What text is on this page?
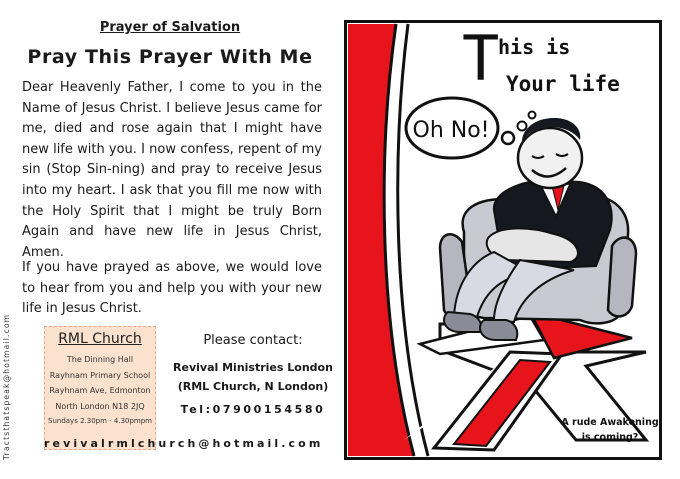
Prayer of Salvation
Pray This Prayer With Me

Dear Heavenly Father, I come to you in the Name of Jesus Christ. I believe Jesus came for me, died and rose again that I might have new life with you. I now confess, repent of my sin (Stop Sin-ning) and pray to receive Jesus into my heart. I ask that you fill me now with the Holy Spirit that I might be truly Born Again and have new life in Jesus Christ, Amen.

If you have prayed as above, we would love to hear from you and help you with your new life in Jesus Christ.

Tractsthatspeak@hotmail.com	RML Church
The Dinning Hall
Rayhnam Primary School
Rayhnam Ave, Edmonton
North London N18 2JQ
Sundays 2.30pm - 4.30pmpm
Please contact:
Revival Ministries London
(RML Church, N London)
Tel:07900154580
revivalrmlchurch@hotmail.com
Oh No!
T
his is
Your life
A rude Awakening
is coming?
